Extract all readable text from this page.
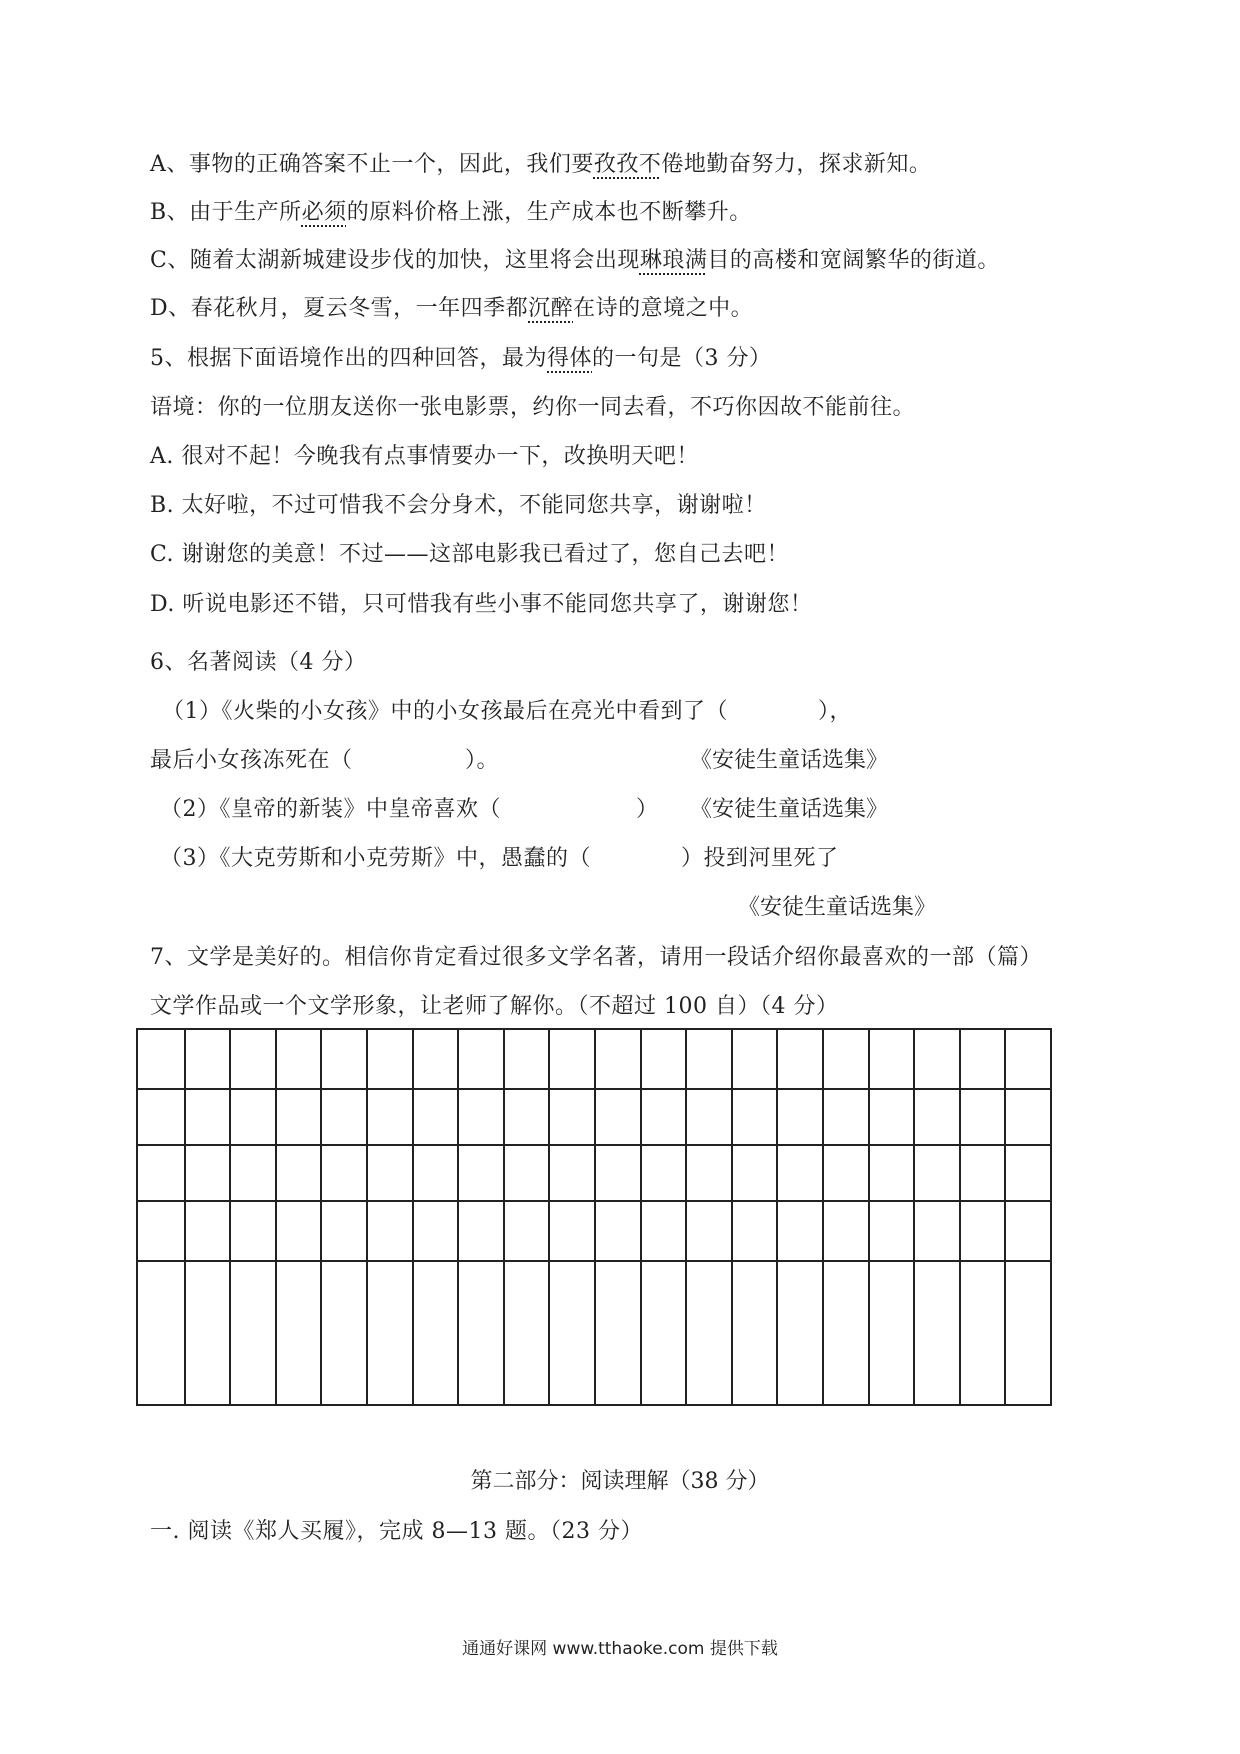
A、事物的正确答案不止一个，因此，我们要孜孜不倦地勤奋努力，探求新知。
B、由于生产所必须的原料价格上涨，生产成本也不断攀升。
C、随着太湖新城建设步伐的加快，这里将会出现琳琅满目的高楼和宽阔繁华的街道。
D、春花秋月，夏云冬雪，一年四季都沉醉在诗的意境之中。
5、根据下面语境作出的四种回答，最为得体的一句是（3 分）
语境：你的一位朋友送你一张电影票，约你一同去看，不巧你因故不能前往。
A. 很对不起！今晚我有点事情要办一下，改换明天吧！
B. 太好啦，不过可惜我不会分身术，不能同您共享，谢谢啦！
C. 谢谢您的美意！不过——这部电影我已看过了，您自己去吧！
D. 听说电影还不错，只可惜我有些小事不能同您共享了，谢谢您！
6、名著阅读（4 分）
（1）《火柴的小女孩》中的小女孩最后在亮光中看到了（　　　　），
最后小女孩冻死在（　　　　　）。	《安徒生童话选集》
（2）《皇帝的新装》中皇帝喜欢（　　　　　　） 《安徒生童话选集》
（3）《大克劳斯和小克劳斯》中，愚蠢的（　　　　）投到河里死了
《安徒生童话选集》
7、文学是美好的。相信你肯定看过很多文学名著，请用一段话介绍你最喜欢的一部（篇）
文学作品或一个文学形象，让老师了解你。（不超过 100 自）（4 分）
第二部分：阅读理解（38 分）
一. 阅读《郑人买履》，完成 8—13 题。（23 分）
通通好课网 www.tthaoke.com 提供下载
